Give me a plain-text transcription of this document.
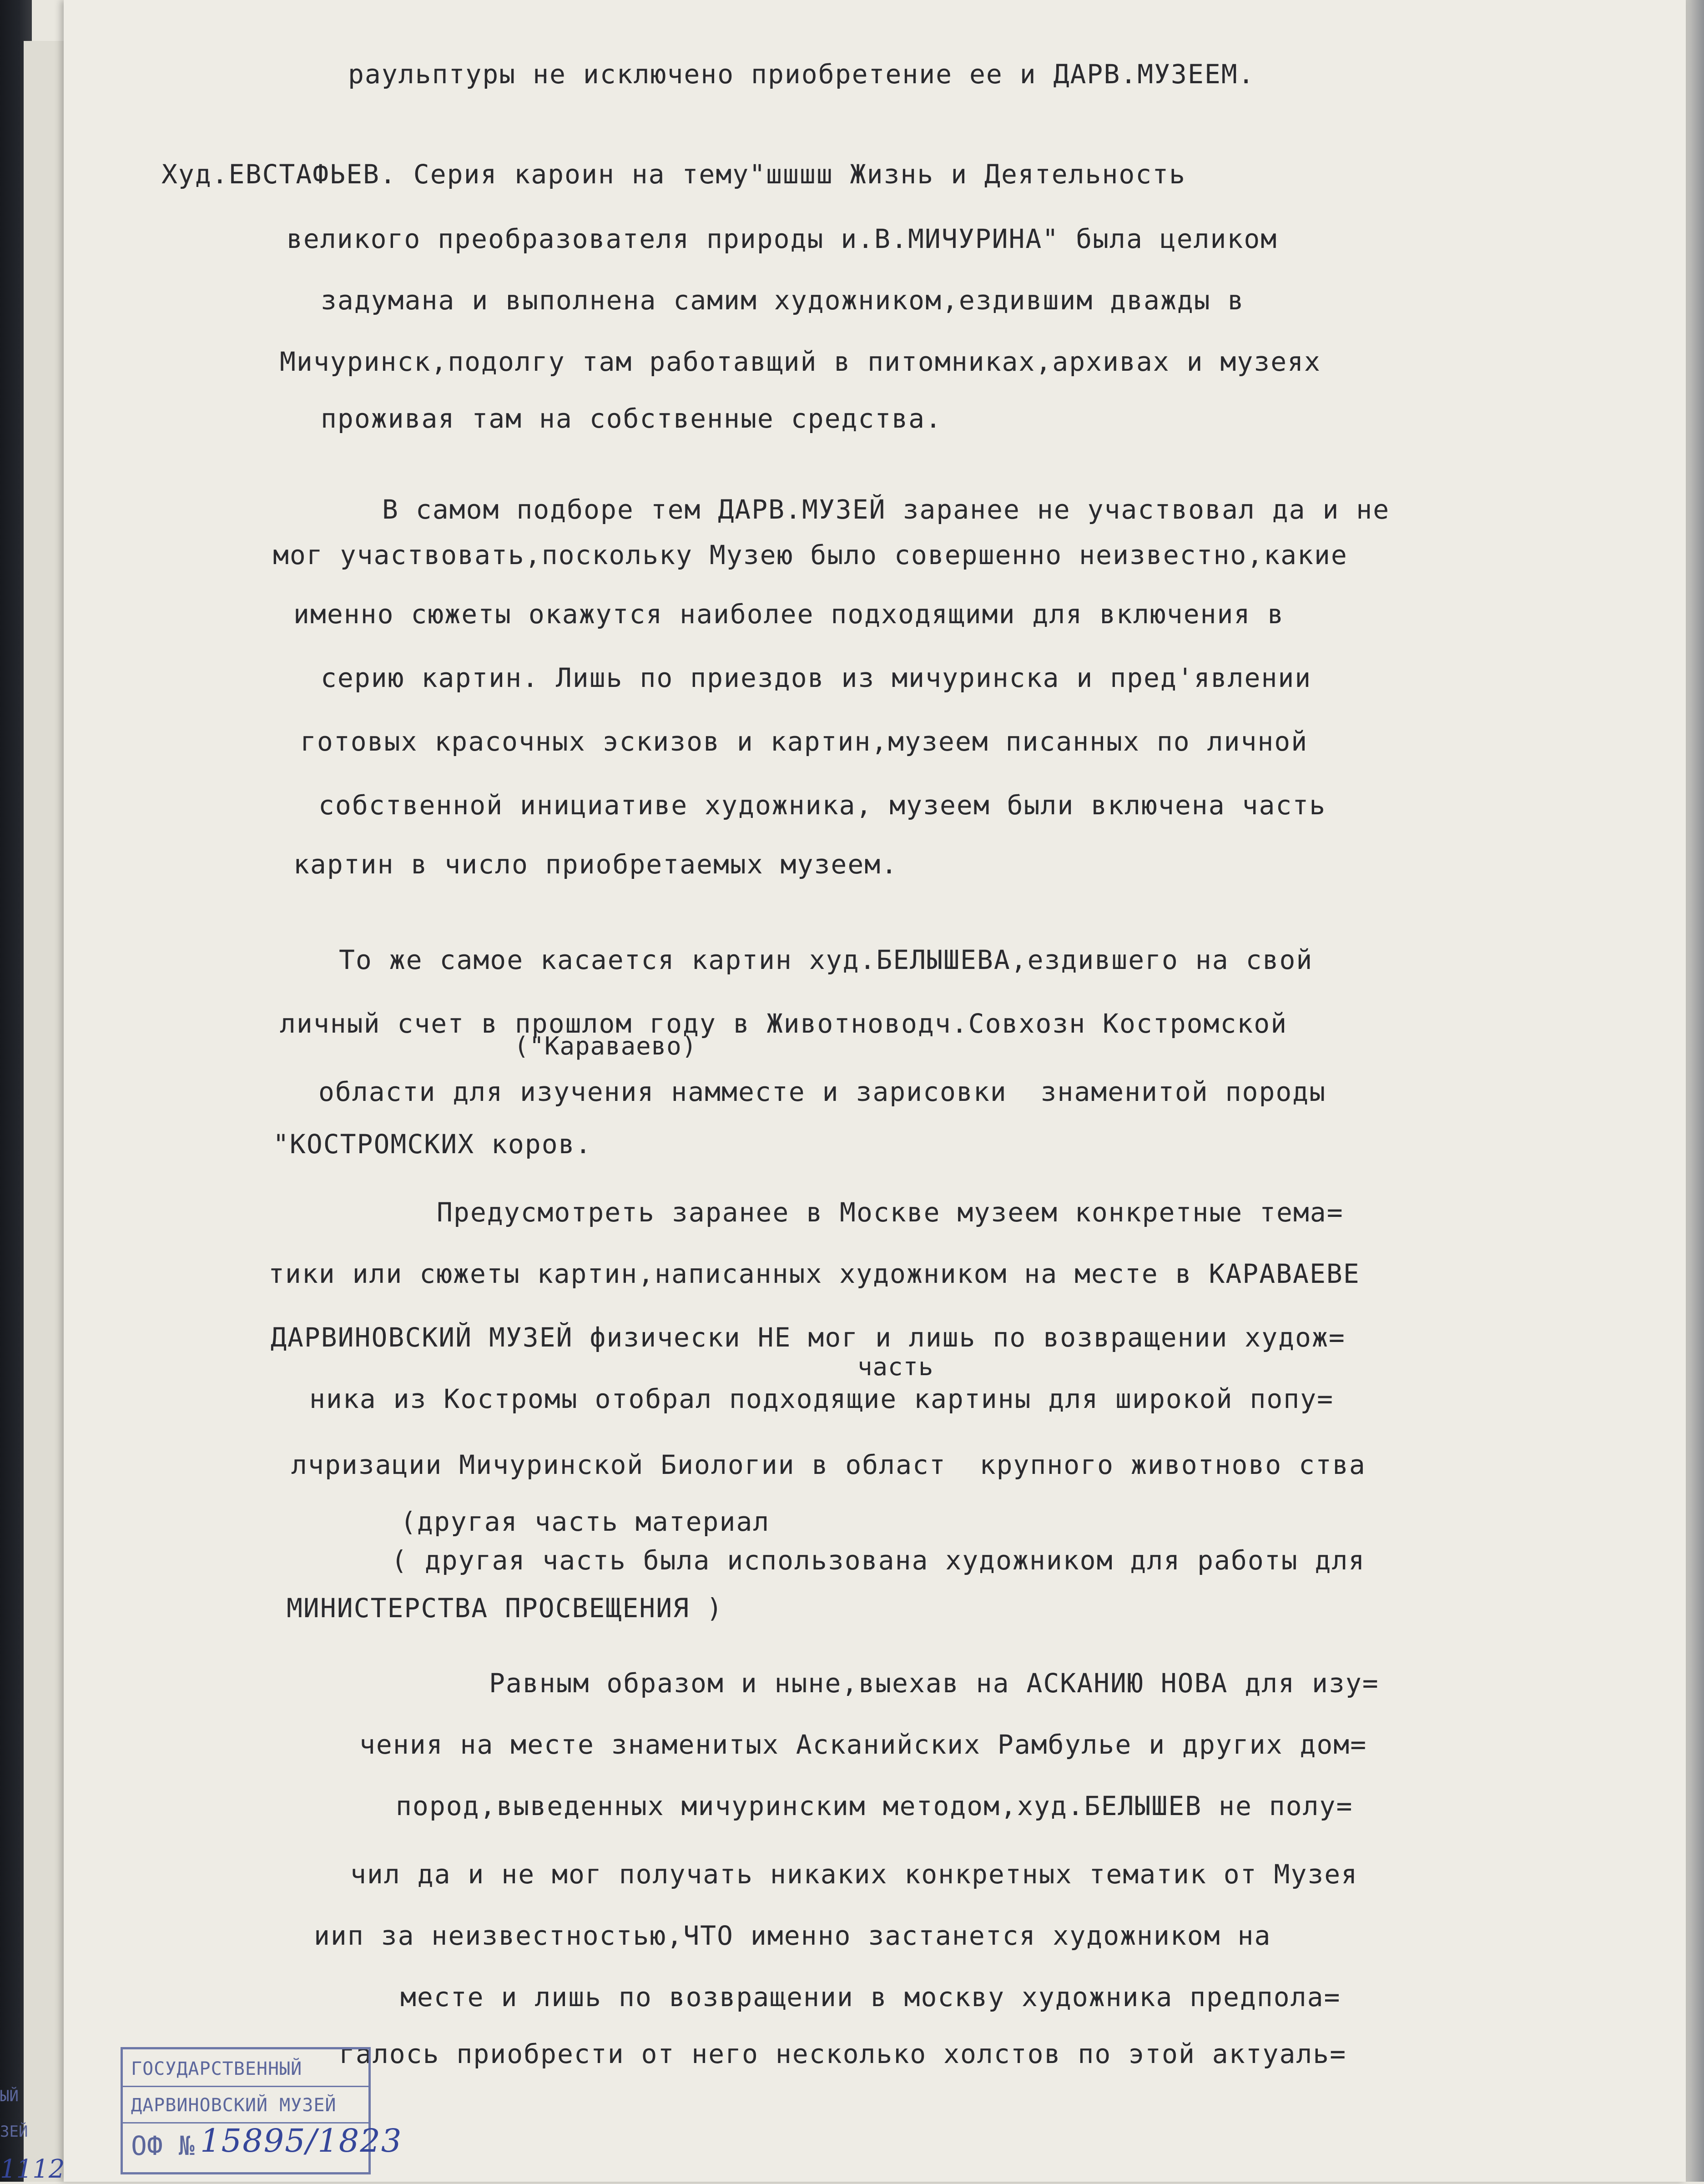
раульптуры не исключено приобретение ее и ДАРВ.МУЗЕЕМ.
Худ.ЕВСТАФЬЕВ. Серия карoин на тему"шшшш Жизнь и Деятельность
великого преобразователя природы и.В.МИЧУРИНА" была целиком
задумана и выполнена самим художником,ездившим дважды в
Мичуринск,подолгу там работавщий в питомниках,архивах и музеях
проживая там на собственные средства.
В самом подборе тем ДАРВ.МУЗЕЙ заранее не участвовал да и не
мог участвовать,поскольку Музею было совершенно неизвестно,какие
именно сюжеты окажутся наиболее подходящими для включения в
серию картин. Лишь по приездов из мичуринска и пред'явлении
готовых красочных эскизов и картин,музеем писанных по личной
собственной инициативе художника, музеем были включена часть
картин в число приобретаемых музеем.
То же самое касается картин худ.БЕЛЫШЕВА,ездившего на свой
личный счет в прошлом году в Животноводч.Совхозн Костромской
("Караваево)
области для изучения намместе и зарисовки  знаменитой породы
"КОСТРОМСКИХ коров.
Предусмотреть заранее в Москве музеем конкретные тема=
тики или сюжеты картин,написанных художником на месте в КАРАВАЕВЕ
ДАРВИНОВСКИЙ МУЗЕЙ физически НЕ мог и лишь по возвращении худож=
часть
ника из Костромы отобрал подходящие картины для широкой попу=
лчризации Мичуринской Биологии в област  крупного животново ства
(другая часть материал
( другая часть была использована художником для работы для
МИНИСТЕРСТВА ПРОСВЕЩЕНИЯ )
Равным образом и ныне,выехав на АСКАНИЮ НОВА для изу=
чения на месте знаменитых Асканийских Рамбулье и других дом=
пород,выведенных мичуринским методом,худ.БЕЛЫШЕВ не полу=
чил да и не мог получать никаких конкретных тематик от Музея
иип за неизвестностью,ЧТО именно застанется художником на
месте и лишь по возвращении в москву художника предпола=
галось приобрести от него несколько холстов по этой актуаль=
ГОСУДАРСТВЕННЫЙ
ДАРВИНОВСКИЙ МУЗЕЙ
ОФ № 15895/1823
ЫЙ
ЗЕЙ
1112
